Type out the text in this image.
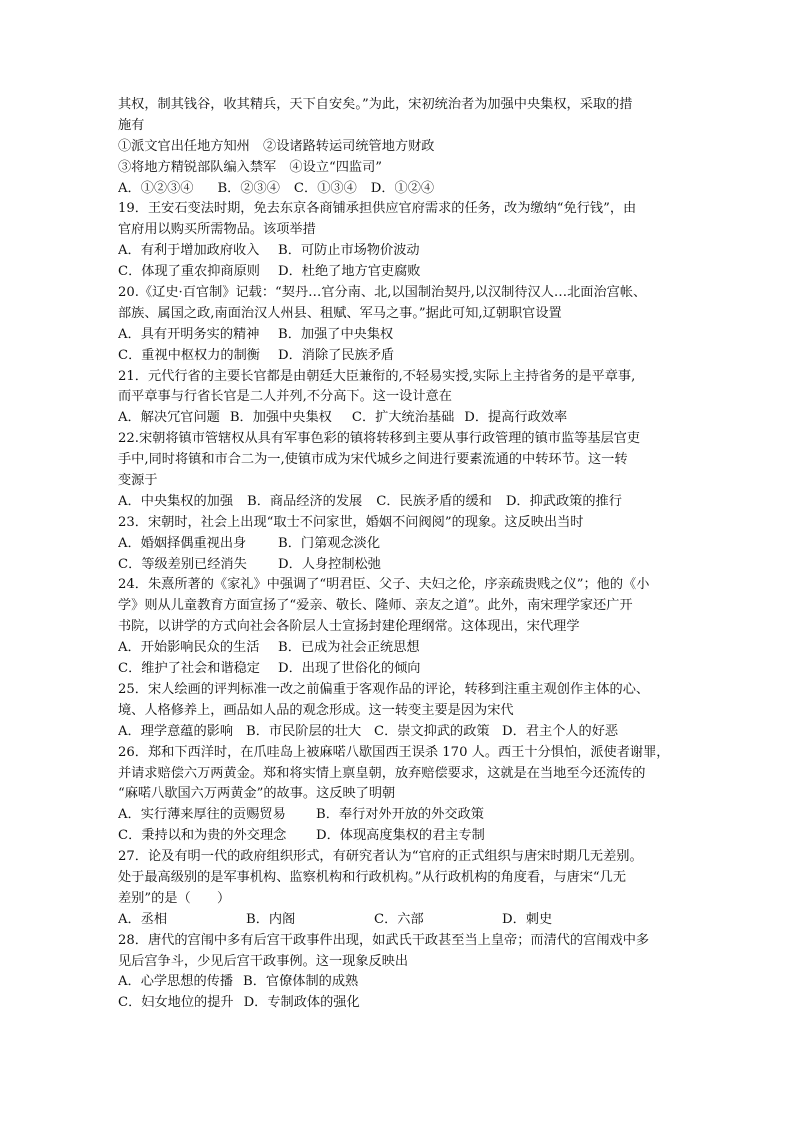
其权，制其钱谷，收其精兵，天下自安矣。”为此，宋初统治者为加强中央集权，采取的措
施有
①派文官出任地方知州　②设诸路转运司统管地方财政
③将地方精锐部队编入禁军　④设立“四监司”
A．①②③④ B．②③④ C．①③④ D．①②④
19．王安石变法时期，免去东京各商铺承担供应官府需求的任务，改为缴纳“免行钱”，由
官府用以购买所需物品。该项举措
A．有利于增加政府收入	B．可防止市场物价波动
C．体现了重农抑商原则	D．杜绝了地方官吏腐败
20.《辽史·百官制》记载：“契丹…官分南、北,以国制治契丹,以汉制待汉人…北面治宫帐、
部族、属国之政,南面治汉人州县、租赋、军马之事。”据此可知,辽朝职官设置
A．具有开明务实的精神	B．加强了中央集权
C．重视中枢权力的制衡	D．消除了民族矛盾
21．元代行省的主要长官都是由朝廷大臣兼衔的,不轻易实授,实际上主持省务的是平章事,
而平章事与行省长官是二人并列,不分高下。这一设计意在
A．解决冗官问题 B．加强中央集权 C．扩大统治基础 D．提高行政效率
22.宋朝将镇市管辖权从具有军事色彩的镇将转移到主要从事行政管理的镇市监等基层官吏
手中,同时将镇和市合二为一,使镇市成为宋代城乡之间进行要素流通的中转环节。这一转
变源于
A．中央集权的加强 B．商品经济的发展 C．民族矛盾的缓和 D．抑武政策的推行
23．宋朝时，社会上出现“取士不问家世，婚姻不问阀阅”的现象。这反映出当时
A．婚姻择偶重视出身	B．门第观念淡化
C．等级差别已经消失	D．人身控制松弛
24．朱熹所著的《家礼》中强调了“明君臣、父子、夫妇之伦，序亲疏贵贱之仪”；他的《小
学》则从儿童教育方面宣扬了“爱亲、敬长、隆师、亲友之道”。此外，南宋理学家还广开
书院，以讲学的方式向社会各阶层人士宣扬封建伦理纲常。这体现出，宋代理学
A．开始影响民众的生活	B．已成为社会正统思想
C．维护了社会和谐稳定	D．出现了世俗化的倾向
25．宋人绘画的评判标准一改之前偏重于客观作品的评论，转移到注重主观创作主体的心、
境、人格修养上，画品如人品的观念形成。这一转变主要是因为宋代
A．理学意蕴的影响 B．市民阶层的壮大 C．崇文抑武的政策 D．君主个人的好恶
26．郑和下西洋时，在爪哇岛上被麻喏八歇国西王误杀 170 人。西王十分惧怕，派使者谢罪，
并请求赔偿六万两黄金。郑和将实情上禀皇朝，放弃赔偿要求，这就是在当地至今还流传的
“麻喏八歇国六万两黄金”的故事。这反映了明朝
A．实行薄来厚往的贡赐贸易	B．奉行对外开放的外交政策
C．秉持以和为贵的外交理念	D．体现高度集权的君主专制
27．论及有明一代的政府组织形式，有研究者认为“官府的正式组织与唐宋时期几无差别。
处于最高级别的是军事机构、监察机构和行政机构。”从行政机构的角度看，与唐宋“几无
差别”的是（　　）
A．丞相	B．内阁	C．六部	D．刺史
28．唐代的宫闱中多有后宫干政事件出现，如武氏干政甚至当上皇帝；而清代的宫闱戏中多
见后宫争斗，少见后宫干政事例。这一现象反映出
A．心学思想的传播 B．官僚体制的成熟
C．妇女地位的提升 D．专制政体的强化
